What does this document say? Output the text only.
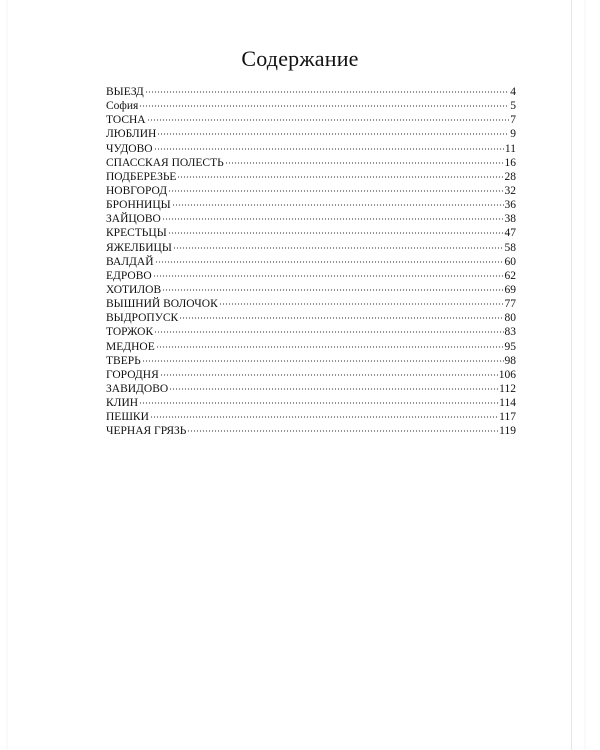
Содержание
ВЫЕЗД	4
София	5
ТОСНА	7
ЛЮБЛИН	9
ЧУДОВО	11
СПАССКАЯ ПОЛЕСТЬ	16
ПОДБЕРЕЗЬЕ	28
НОВГОРОД	32
БРОННИЦЫ	36
ЗАЙЦОВО	38
КРЕСТЬЦЫ	47
ЯЖЕЛБИЦЫ	58
ВАЛДАЙ	60
ЕДРОВО	62
ХОТИЛОВ	69
ВЫШНИЙ ВОЛОЧОК	77
ВЫДРОПУСК	80
ТОРЖОК	83
МЕДНОЕ	95
ТВЕРЬ	98
ГОРОДНЯ	106
ЗАВИДОВО	112
КЛИН	114
ПЕШКИ	117
ЧЕРНАЯ ГРЯЗЬ	119
